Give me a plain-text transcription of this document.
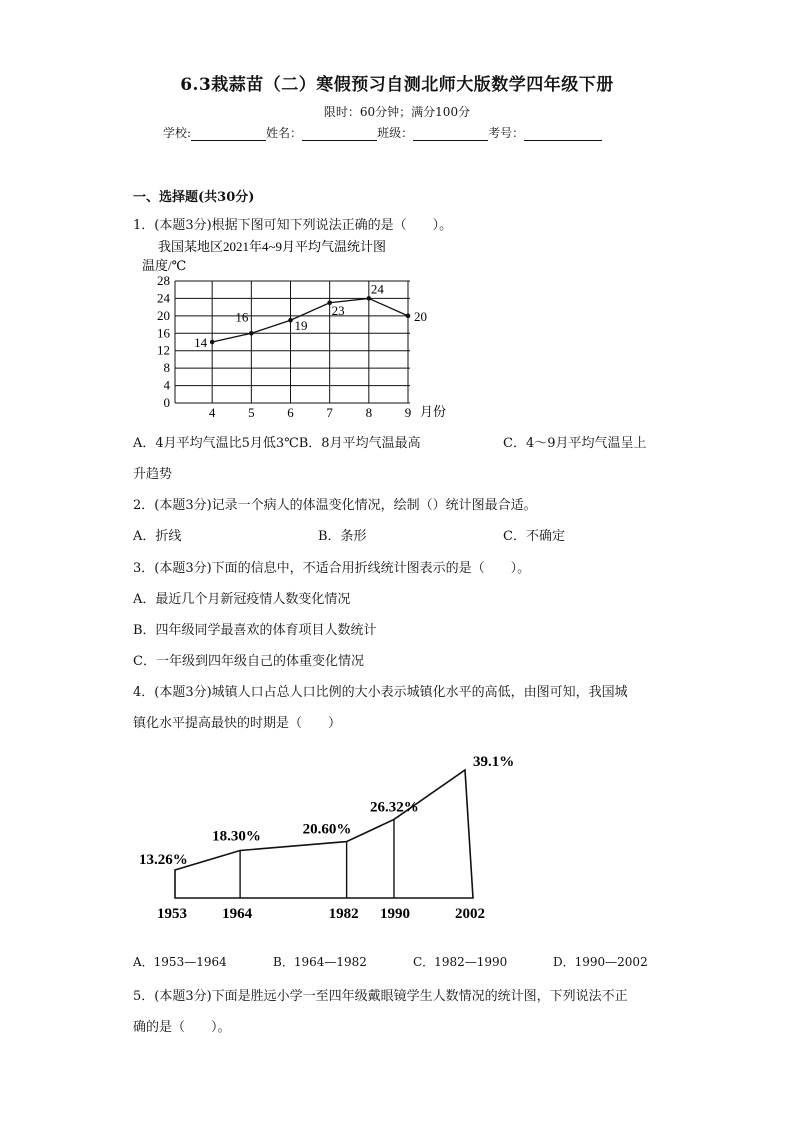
6.3栽蒜苗（二）寒假预习自测北师大版数学四年级下册
限时：60分钟；满分100分
学校:	姓名：	班级：	考号：
一、选择题(共30分)
1．(本题3分)根据下图可知下列说法正确的是（　　）。
我国某地区2021年4~9月平均气温统计图
温度/℃
0
4
8
12
16
20
24
28
4	5	6	7	8	9
14
16
19
23
24
20
月份
A．4月平均气温比5月低3℃B．8月平均气温最高	C．4～9月平均气温呈上
升趋势
2．(本题3分)记录一个病人的体温变化情况，绘制（）统计图最合适。
A．折线	B．条形	C．不确定
3．(本题3分)下面的信息中，不适合用折线统计图表示的是（　　）。
A．最近几个月新冠疫情人数变化情况
B．四年级同学最喜欢的体育项目人数统计
C．一年级到四年级自己的体重变化情况
4．(本题3分)城镇人口占总人口比例的大小表示城镇化水平的高低，由图可知，我国城
镇化水平提高最快的时期是（　　）
13.26%
18.30%	20.60%
26.32%
39.1%
1953 1964	1982 1990	2002
A．1953—1964	B．1964—1982	C．1982—1990	D．1990—2002
5．(本题3分)下面是胜远小学一至四年级戴眼镜学生人数情况的统计图，下列说法不正
确的是（　　）。
